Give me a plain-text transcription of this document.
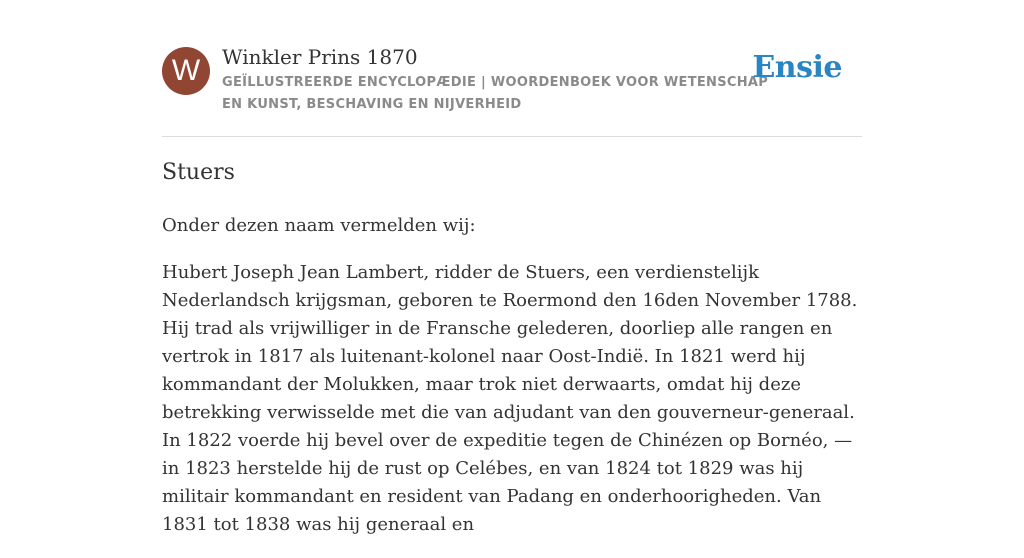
W	Winkler Prins 1870
GEÏLLUSTREERDE ENCYCLOPÆDIE | WOORDENBOEK VOOR WETENSCHAP EN KUNST, BESCHAVING EN NIJVERHEID
Ensie
Stuers

Onder dezen naam vermelden wij:

Hubert Joseph Jean Lambert, ridder de Stuers, een verdienstelijk Nederlandsch krijgsman, geboren te Roermond den 16den November 1788. Hij trad als vrijwilliger in de Fransche gelederen, doorliep alle rangen en vertrok in 1817 als luitenant-kolonel naar Oost-Indië. In 1821 werd hij kommandant der Molukken, maar trok niet derwaarts, omdat hij deze betrekking verwisselde met die van adjudant van den gouverneur-generaal. In 1822 voerde hij bevel over de expeditie tegen de Chinézen op Bornéo, — in 1823 herstelde hij de rust op Celébes, en van 1824 tot 1829 was hij militair kommandant en resident van Padang en onderhoorigheden. Van 1831 tot 1838 was hij generaal en
